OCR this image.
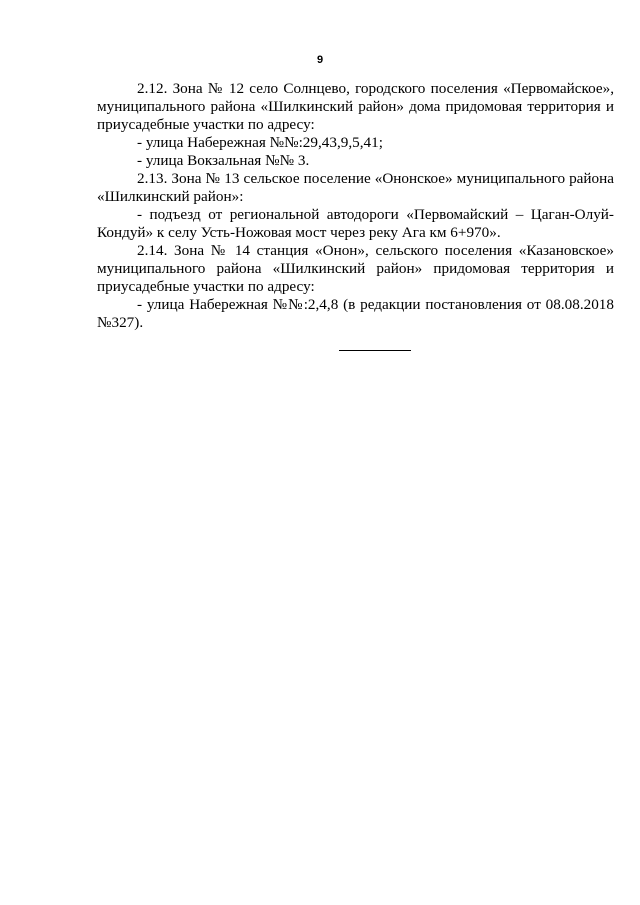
9

2.12. Зона № 12 село Солнцево, городского поселения «Первомайское», муниципального района «Шилкинский район» дома придомовая территория и приусадебные участки по адресу:

- улица Набережная №№:29,43,9,5,41;

- улица Вокзальная №№ 3.

2.13. Зона № 13 сельское поселение «Ононское» муниципального района «Шилкинский район»:

- подъезд от региональной автодороги «Первомайский – Цаган-Олуй-Кондуй» к селу Усть-Ножовая мост через реку Ага км 6+970».

2.14. Зона № 14 станция «Онон», сельского поселения «Казановское» муниципального района «Шилкинский район» придомовая территория и приусадебные участки по адресу:

- улица Набережная №№:2,4,8 (в редакции постановления от 08.08.2018 №327).
